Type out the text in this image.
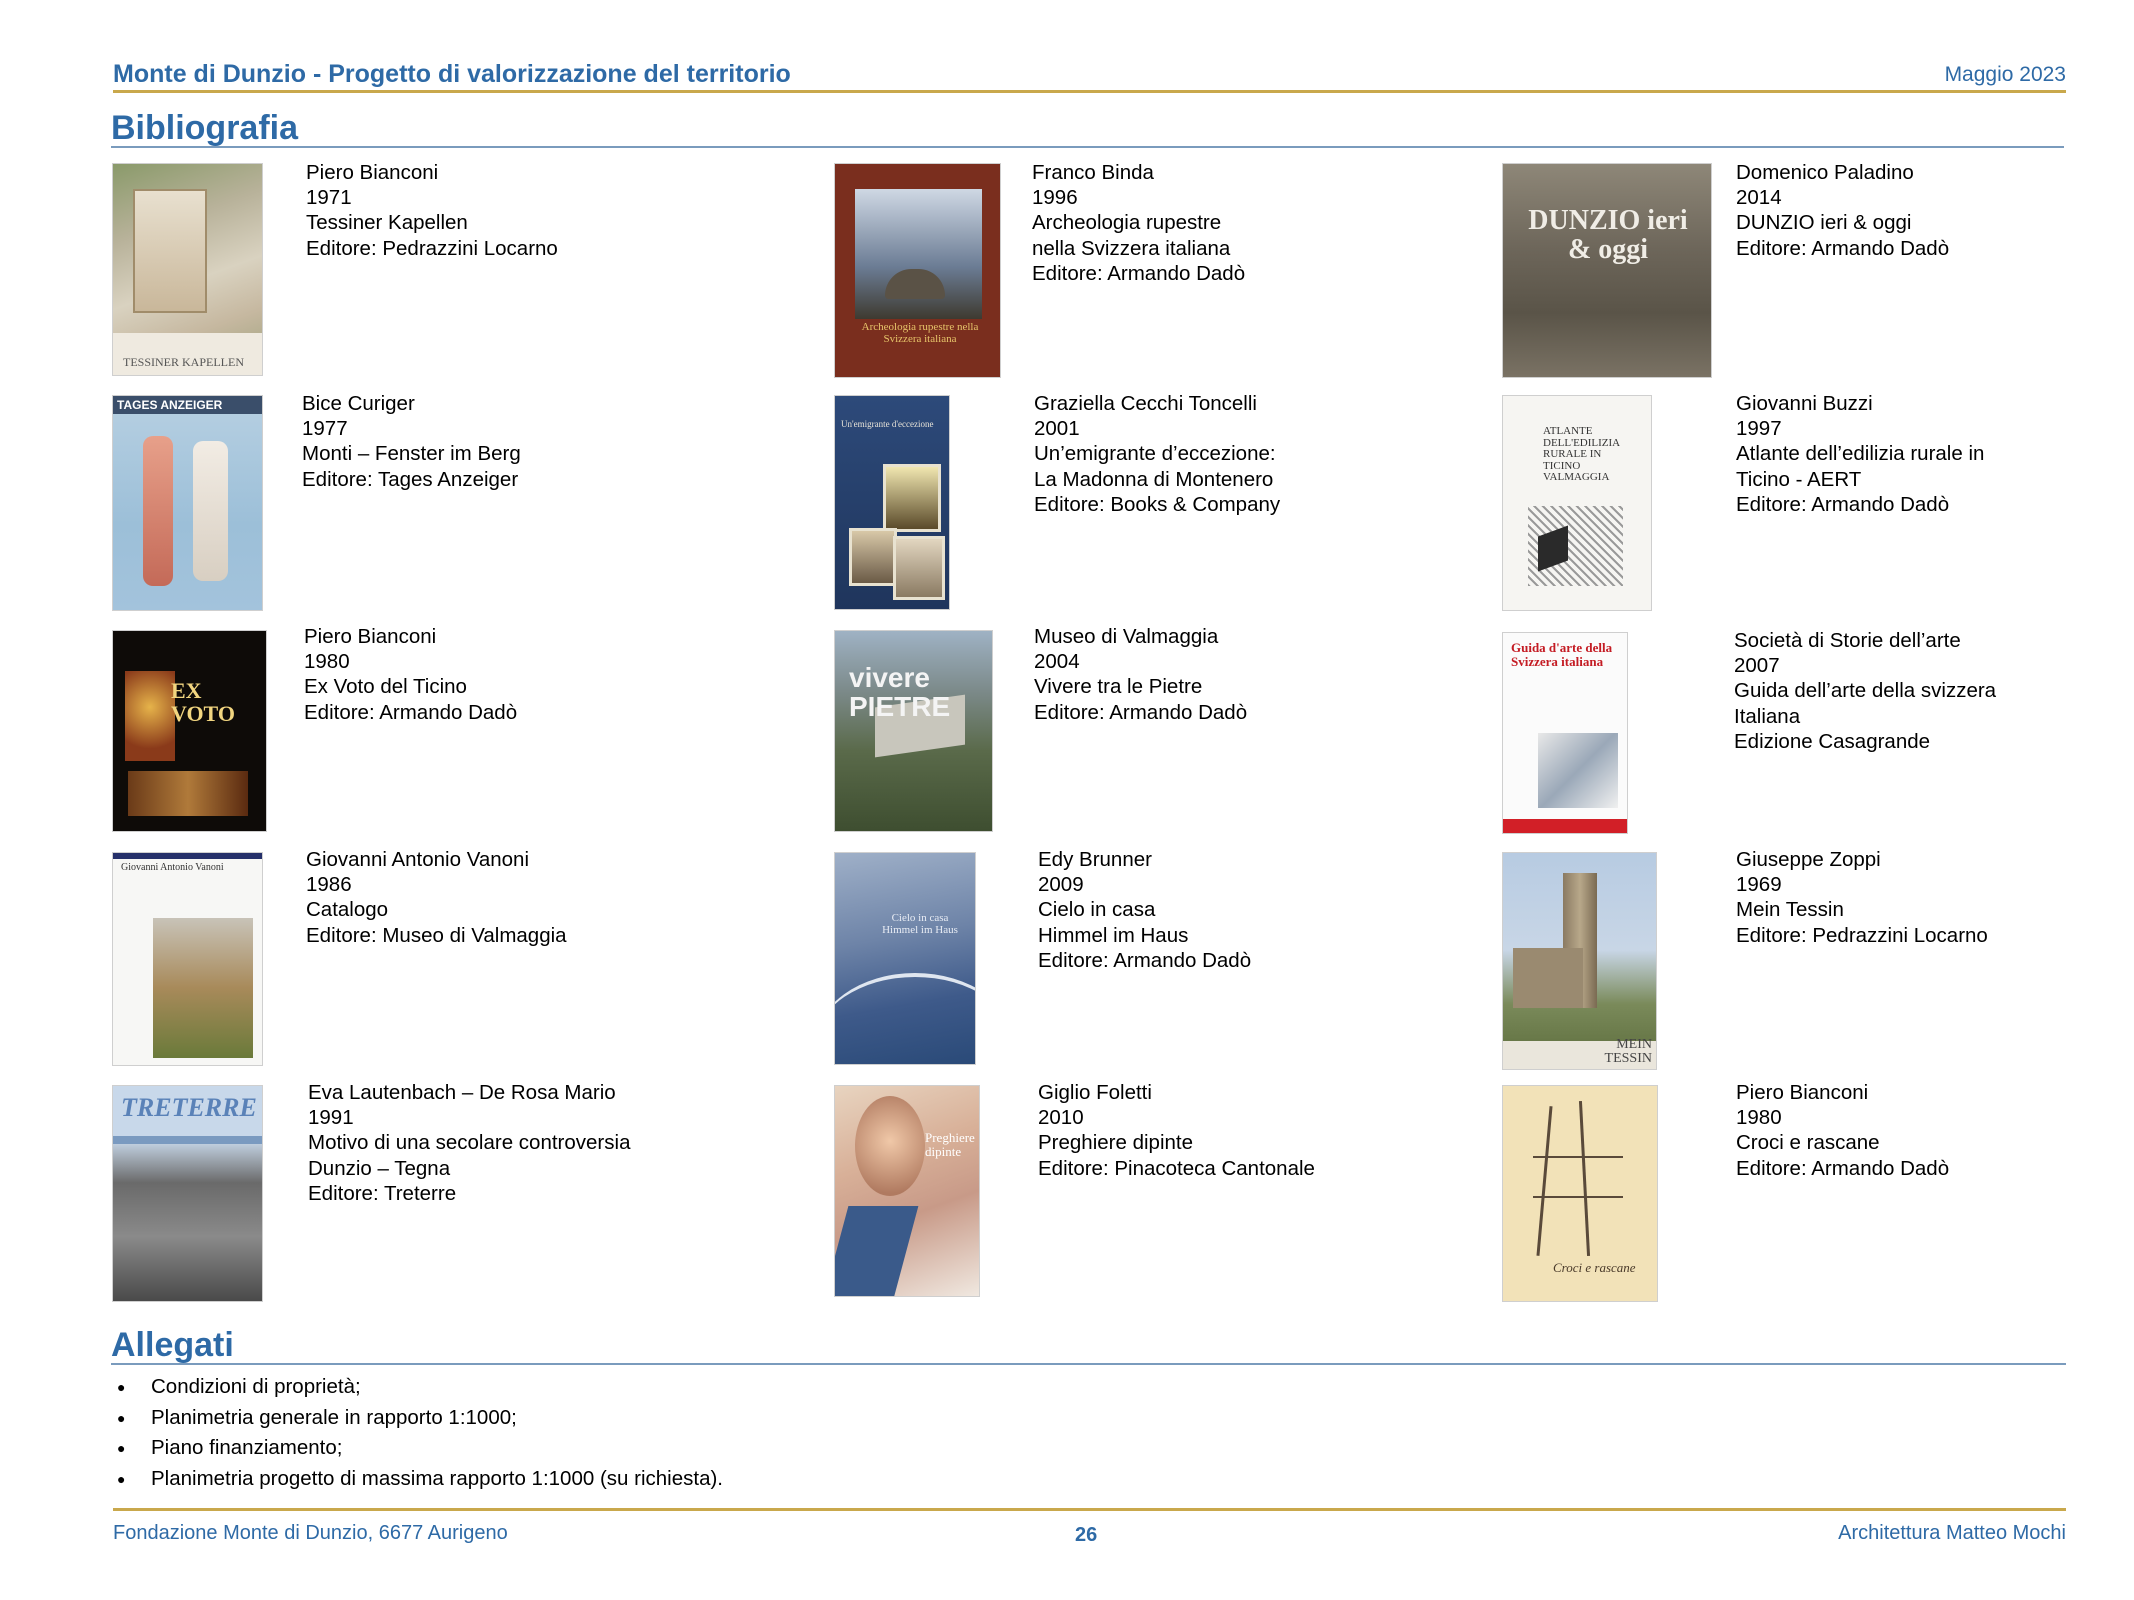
Monte di Dunzio - Progetto di valorizzazione del territorio	Maggio 2023
Bibliografia
TESSINER KAPELLEN
Piero Bianconi
1971
Tessiner Kapellen
Editore: Pedrazzini Locarno
Archeologia rupestre nella Svizzera italiana
Franco Binda
1996
Archeologia rupestre
nella Svizzera italiana
Editore: Armando Dadò
DUNZIO ieri & oggi
Domenico Paladino
2014
DUNZIO ieri & oggi
Editore: Armando Dadò
TAGES ANZEIGER	Bice Curiger
1977
Monti – Fenster im Berg
Editore: Tages Anzeiger
Un'emigrante d'eccezione
Graziella Cecchi Toncelli
2001
Un’emigrante d’eccezione:
La Madonna di Montenero
Editore: Books & Company
ATLANTE DELL'EDILIZIA RURALE IN TICINO VALMAGGIA
Giovanni Buzzi
1997
Atlante dell’edilizia rurale in
Ticino - AERT
Editore: Armando Dadò
EX VOTO
Piero Bianconi
1980
Ex Voto del Ticino
Editore: Armando Dadò
vivere PIETRE
Museo di Valmaggia
2004
Vivere tra le Pietre
Editore: Armando Dadò
Guida d'arte della Svizzera italiana
Società di Storie dell’arte
2007
Guida dell’arte della svizzera
Italiana
Edizione Casagrande
Giovanni Antonio Vanoni	Giovanni Antonio Vanoni
1986
Catalogo
Editore: Museo di Valmaggia
Cielo in casa Himmel im Haus
Edy Brunner
2009
Cielo in casa
Himmel im Haus
Editore: Armando Dadò
MEIN TESSIN
Giuseppe Zoppi
1969
Mein Tessin
Editore: Pedrazzini Locarno
TRETERRE
Eva Lautenbach – De Rosa Mario
1991
Motivo di una secolare controversia
Dunzio – Tegna
Editore: Treterre
Preghiere dipinte
Giglio Foletti
2010
Preghiere dipinte
Editore: Pinacoteca Cantonale
Croci e rascane
Piero Bianconi
1980
Croci e rascane
Editore: Armando Dadò
Allegati
● Condizioni di proprietà;
● Planimetria generale in rapporto 1:1000;
● Piano finanziamento;
● Planimetria progetto di massima rapporto 1:1000 (su richiesta).
Fondazione Monte di Dunzio, 6677 Aurigeno	26	Architettura Matteo Mochi
